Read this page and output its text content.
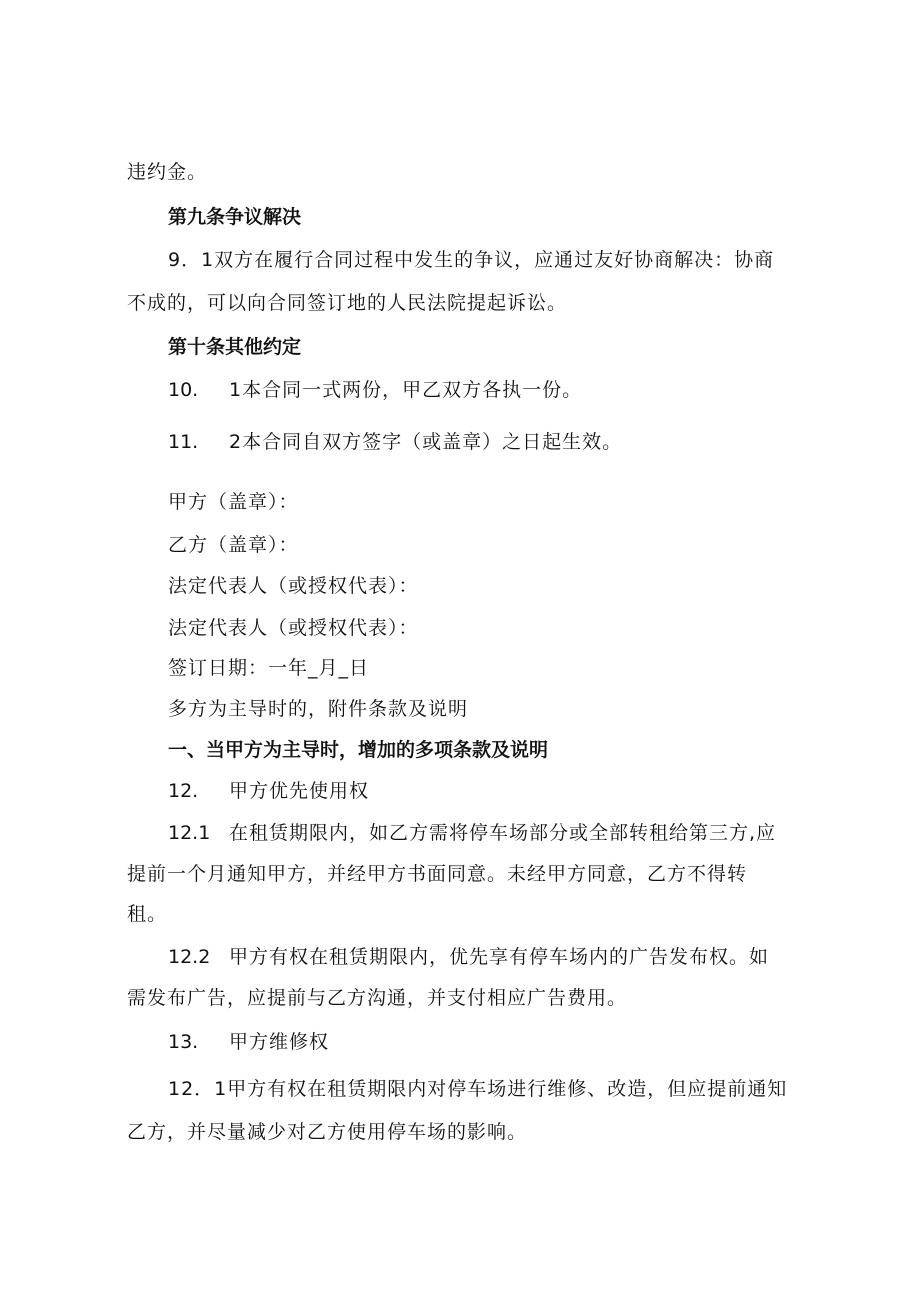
违约金。
第九条争议解决
9．1双方在履行合同过程中发生的争议，应通过友好协商解决：协商
不成的，可以向合同签订地的人民法院提起诉讼。
第十条其他约定
10. 1本合同一式两份，甲乙双方各执一份。
11. 2本合同自双方签字（或盖章）之日起生效。
甲方（盖章）：
乙方（盖章）：
法定代表人（或授权代表）：
法定代表人（或授权代表）：
签订日期：一年_月_日
多方为主导时的，附件条款及说明
一、当甲方为主导时，增加的多项条款及说明
12. 甲方优先使用权
12.1 在租赁期限内，如乙方需将停车场部分或全部转租给第三方,应
提前一个月通知甲方，并经甲方书面同意。未经甲方同意，乙方不得转
租。
12.2 甲方有权在租赁期限内，优先享有停车场内的广告发布权。如
需发布广告，应提前与乙方沟通，并支付相应广告费用。
13. 甲方维修权
12．1甲方有权在租赁期限内对停车场进行维修、改造，但应提前通知
乙方，并尽量减少对乙方使用停车场的影响。
